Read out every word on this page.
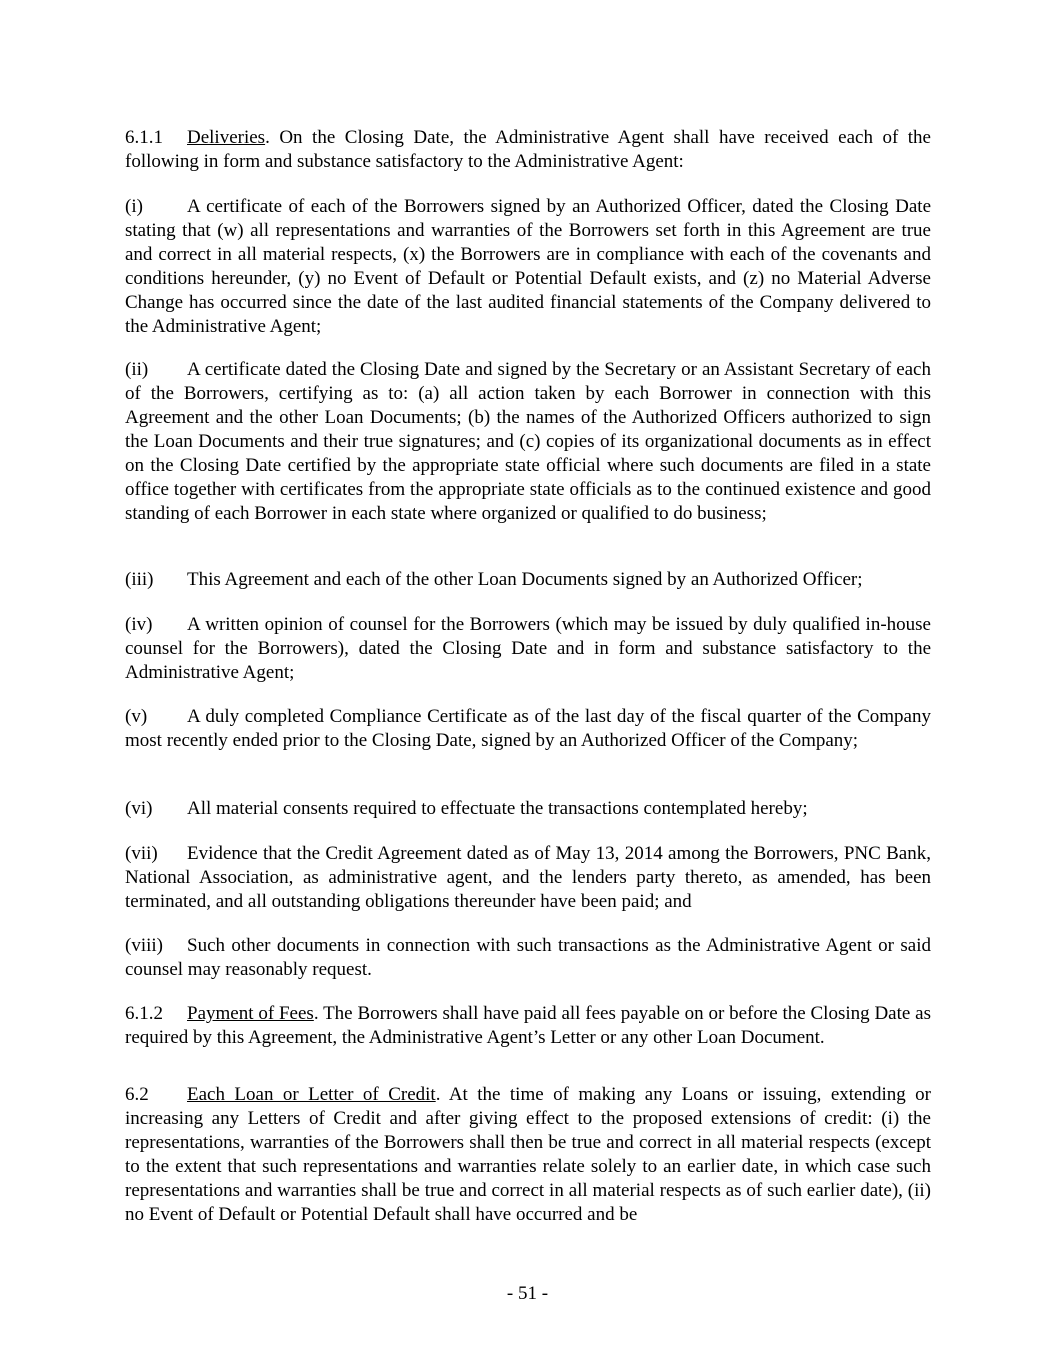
6.1.1 Deliveries. On the Closing Date, the Administrative Agent shall have received each of the following in form and substance satisfactory to the Administrative Agent:

(i) A certificate of each of the Borrowers signed by an Authorized Officer, dated the Closing Date stating that (w) all representations and warranties of the Borrowers set forth in this Agreement are true and correct in all material respects, (x) the Borrowers are in compliance with each of the covenants and conditions hereunder, (y) no Event of Default or Potential Default exists, and (z) no Material Adverse Change has occurred since the date of the last audited financial statements of the Company delivered to the Administrative Agent;

(ii) A certificate dated the Closing Date and signed by the Secretary or an Assistant Secretary of each of the Borrowers, certifying as to: (a) all action taken by each Borrower in connection with this Agreement and the other Loan Documents; (b) the names of the Authorized Officers authorized to sign the Loan Documents and their true signatures; and (c) copies of its organizational documents as in effect on the Closing Date certified by the appropriate state official where such documents are filed in a state office together with certificates from the appropriate state officials as to the continued existence and good standing of each Borrower in each state where organized or qualified to do business;

(iii) This Agreement and each of the other Loan Documents signed by an Authorized Officer;

(iv) A written opinion of counsel for the Borrowers (which may be issued by duly qualified in-house counsel for the Borrowers), dated the Closing Date and in form and substance satisfactory to the Administrative Agent;

(v) A duly completed Compliance Certificate as of the last day of the fiscal quarter of the Company most recently ended prior to the Closing Date, signed by an Authorized Officer of the Company;

(vi) All material consents required to effectuate the transactions contemplated hereby;

(vii) Evidence that the Credit Agreement dated as of May 13, 2014 among the Borrowers, PNC Bank, National Association, as administrative agent, and the lenders party thereto, as amended, has been terminated, and all outstanding obligations thereunder have been paid; and

(viii) Such other documents in connection with such transactions as the Administrative Agent or said counsel may reasonably request.

6.1.2 Payment of Fees. The Borrowers shall have paid all fees payable on or before the Closing Date as required by this Agreement, the Administrative Agent’s Letter or any other Loan Document.

6.2 Each Loan or Letter of Credit. At the time of making any Loans or issuing, extending or increasing any Letters of Credit and after giving effect to the proposed extensions of credit: (i) the representations, warranties of the Borrowers shall then be true and correct in all material respects (except to the extent that such representations and warranties relate solely to an earlier date, in which case such representations and warranties shall be true and correct in all material respects as of such earlier date), (ii) no Event of Default or Potential Default shall have occurred and be

- 51 -
